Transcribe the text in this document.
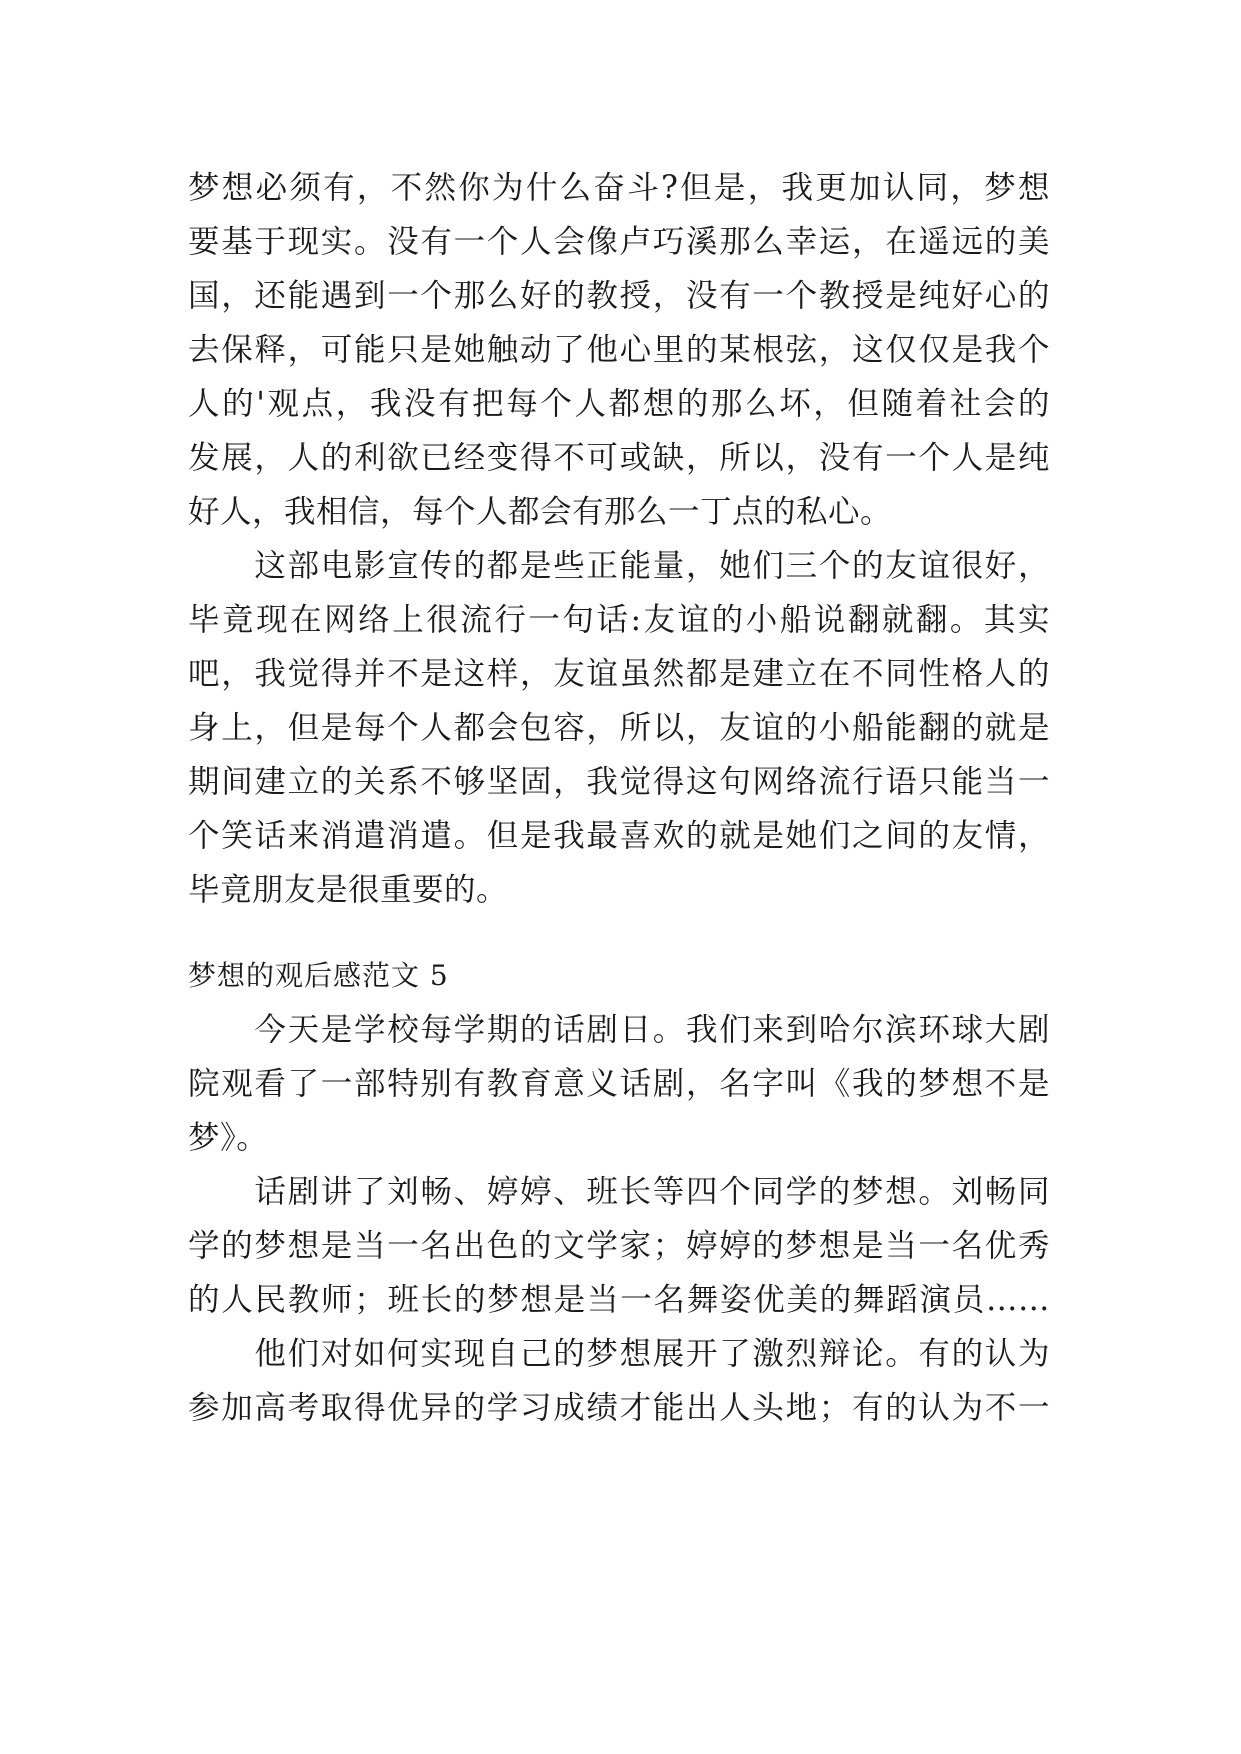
梦想必须有，不然你为什么奋斗?但是，我更加认同，梦想
要基于现实。没有一个人会像卢巧溪那么幸运，在遥远的美
国，还能遇到一个那么好的教授，没有一个教授是纯好心的
去保释，可能只是她触动了他心里的某根弦，这仅仅是我个
人的'观点，我没有把每个人都想的那么坏，但随着社会的
发展，人的利欲已经变得不可或缺，所以，没有一个人是纯
好人，我相信，每个人都会有那么一丁点的私心。
　　这部电影宣传的都是些正能量，她们三个的友谊很好，
毕竟现在网络上很流行一句话:友谊的小船说翻就翻。其实
吧，我觉得并不是这样，友谊虽然都是建立在不同性格人的
身上，但是每个人都会包容，所以，友谊的小船能翻的就是
期间建立的关系不够坚固，我觉得这句网络流行语只能当一
个笑话来消遣消遣。但是我最喜欢的就是她们之间的友情，
毕竟朋友是很重要的。
梦想的观后感范文 5
　　今天是学校每学期的话剧日。我们来到哈尔滨环球大剧
院观看了一部特别有教育意义话剧，名字叫《我的梦想不是
梦》。
　　话剧讲了刘畅、婷婷、班长等四个同学的梦想。刘畅同
学的梦想是当一名出色的文学家；婷婷的梦想是当一名优秀
的人民教师；班长的梦想是当一名舞姿优美的舞蹈演员……
　　他们对如何实现自己的梦想展开了激烈辩论。有的认为
参加高考取得优异的学习成绩才能出人头地；有的认为不一
